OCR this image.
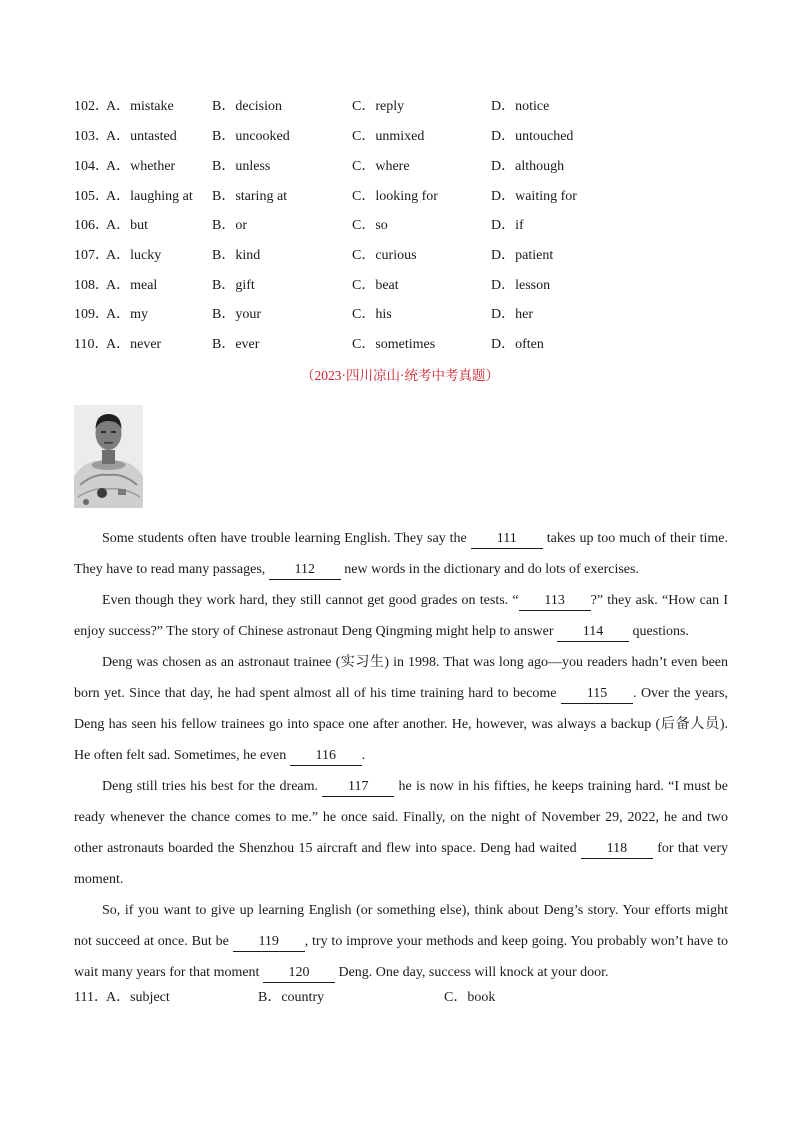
102．
A．mistake	B．decision	C．reply	D．notice
103．
A．untasted	B．uncooked	C．unmixed	D．untouched
104．
A．whether	B．unless	C．where	D．although
105．
A．laughing at B．staring at	C．looking for	D．waiting for
106．
A．but	B．or	C．so	D．if
107．
A．lucky	B．kind	C．curious	D．patient
108．
A．meal	B．gift	C．beat	D．lesson
109．
A．my	B．your	C．his	D．her
110．
A．never	B．ever	C．sometimes	D．often
（2023·四川凉山·统考中考真题）

Some students often have trouble learning English. They say the 111 takes up too much of their time. They have to read many passages, 112 new words in the dictionary and do lots of exercises.

Even though they work hard, they still cannot get good grades on tests. “ 113 ?” they ask. “How can I enjoy success?” The story of Chinese astronaut Deng Qingming might help to answer 114 questions.

Deng was chosen as an astronaut trainee (实习生) in 1998. That was long ago—you readers hadn’t even been born yet. Since that day, he had spent almost all of his time training hard to become 115 . Over the years, Deng has seen his fellow trainees go into space one after another. He, however, was always a backup (后备人员). He often felt sad. Sometimes, he even 116 .

Deng still tries his best for the dream. 117 he is now in his fifties, he keeps training hard. “I must be ready whenever the chance comes to me.” he once said. Finally, on the night of November 29, 2022, he and two other astronauts boarded the Shenzhou 15 aircraft and flew into space. Deng had waited 118 for that very moment.

So, if you want to give up learning English (or something else), think about Deng’s story. Your efforts might not succeed at once. But be 119 , try to improve your methods and keep going. You probably won’t have to wait many years for that moment 120 Deng. One day, success will knock at your door.

111．
A．subject	B．country	C．book
